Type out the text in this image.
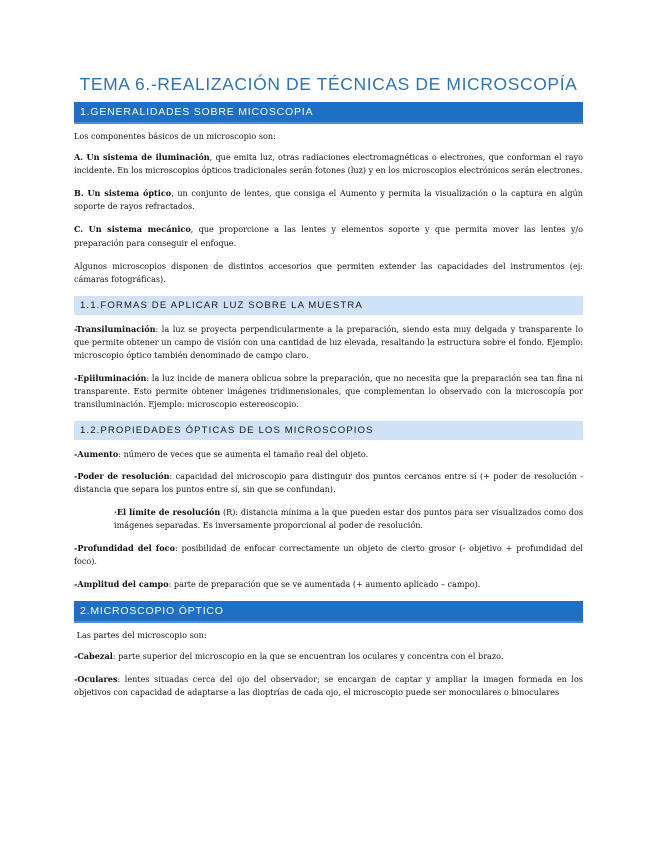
TEMA 6.-REALIZACIÓN DE TÉCNICAS DE MICROSCOPÍA
1.GENERALIDADES SOBRE MICOSCOPIA

Los componentes básicos de un microscopio son:

A. Un sistema de iluminación, que emita luz, otras radiaciones electromagnéticas o electrones, que conforman el rayo incidente. En los microscopios ópticos tradicionales serán fotones (luz) y en los microscopios electrónicos serán electrones.

B. Un sistema óptico, un conjunto de lentes, que consiga el Aumento y permita la visualización o la captura en algún soporte de rayos refractados.

C. Un sistema mecánico, que proporcione a las lentes y elementos soporte y que permita mover las lentes y/o preparación para conseguir el enfoque.

Algunos microscopios disponen de distintos accesorios que permiten extender las capacidades del instrumentos (ej: cámaras fotográficas).

1.1.FORMAS DE APLICAR LUZ SOBRE LA MUESTRA

-Transiluminación: la luz se proyecta perpendicularmente a la preparación, siendo esta muy delgada y transparente lo que permite obtener un campo de visión con una cantidad de luz elevada, resaltando la estructura sobre el fondo. Ejemplo: microscopio óptico también denominado de campo claro.

-Epiiluminación: la luz incide de manera oblicua sobre la preparación, que no necesita que la preparación sea tan fina ni transparente. Esto permite obtener imágenes tridimensionales, que complementan lo observado con la microscopía por transiluminación. Ejemplo: microscopio estereoscopio.

1.2.PROPIEDADES ÓPTICAS DE LOS MICROSCOPIOS

-Aumento: número de veces que se aumenta el tamaño real del objeto.

-Poder de resolución: capacidad del microscopio para distinguir dos puntos cercanos entre sí (+ poder de resolución - distancia que separa los puntos entre sí, sin que se confundan).

·El límite de resolución (R): distancia mínima a la que pueden estar dos puntos para ser visualizados como dos imágenes separadas. Es inversamente proporcional al poder de resolución.

-Profundidad del foco: posibilidad de enfocar correctamente un objeto de cierto grosor (- objetivo + profundidad del foco).

-Amplitud del campo: parte de preparación que se ve aumentada (+ aumento aplicado – campo).

2.MICROSCOPIO ÓPTICO

Las partes del microscopio son:

-Cabezal: parte superior del microscopio en la que se encuentran los oculares y concentra con el brazo.

-Oculares: lentes situadas cerca del ojo del observador; se encargan de captar y ampliar la imagen formada en los objetivos con capacidad de adaptarse a las dioptrías de cada ojo, el microscopio puede ser monoculares o binoculares
